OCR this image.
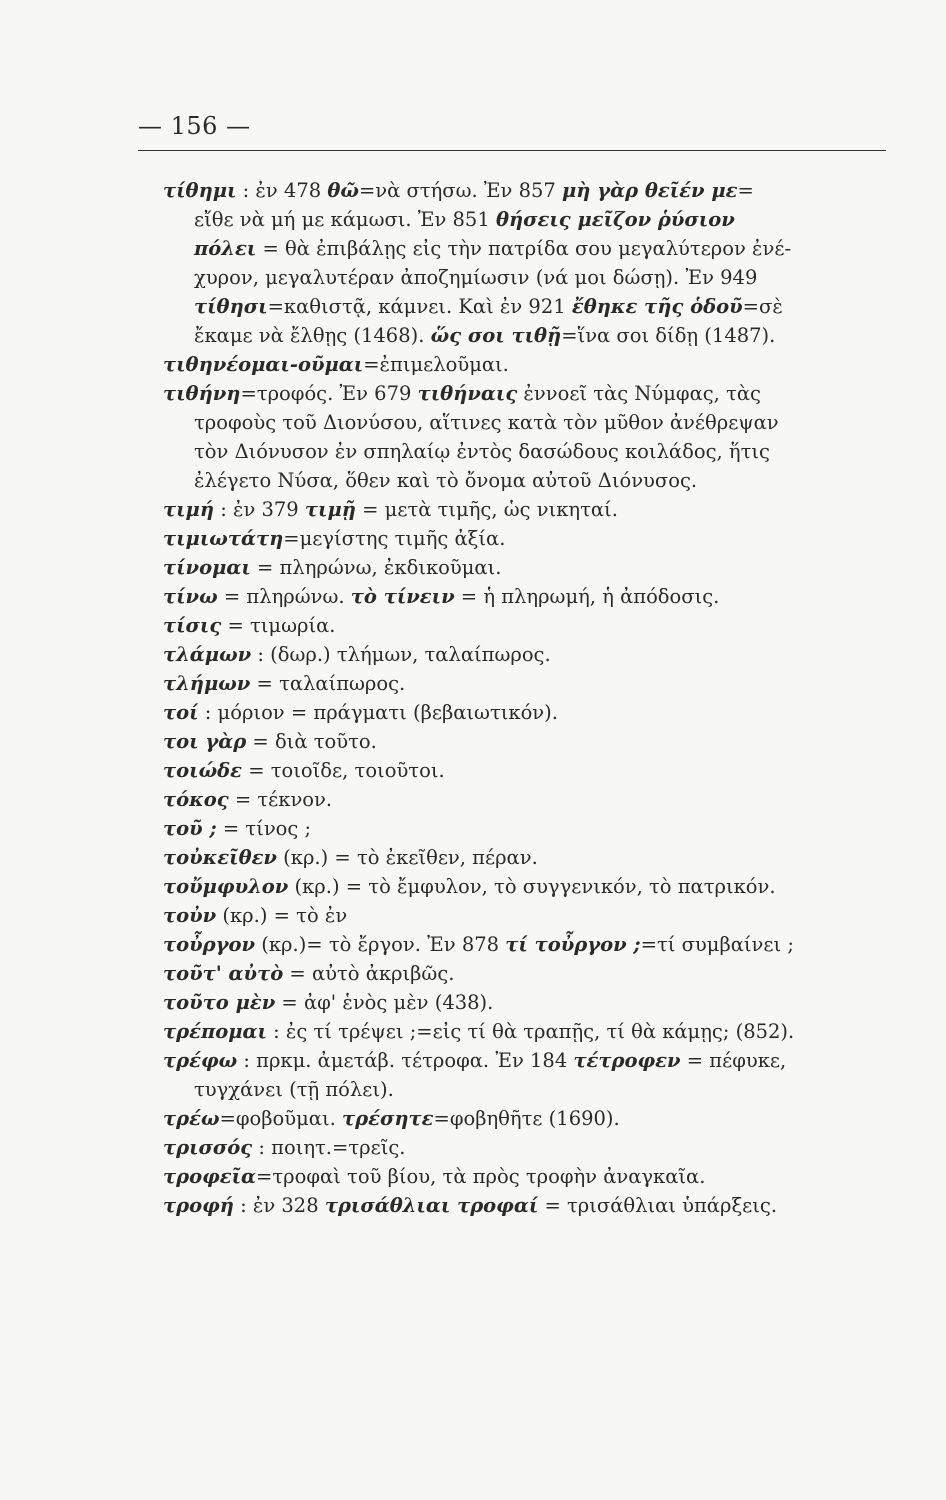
— 156 —
τίθημι : ἐν 478 θῶ=νὰ στήσω. Ἐν 857 μὴ γὰρ θεῖέν με=
εἴθε νὰ μή με κάμωσι. Ἐν 851 θήσεις μεῖζον ῥύσιον
πόλει = θὰ ἐπιβάλῃς εἰς τὴν πατρίδα σου μεγαλύτερον ἐνέ-
χυρον, μεγαλυτέραν ἀποζημίωσιν (νά μοι δώσῃ). Ἐν 949
τίθησι=καθιστᾷ, κάμνει. Καὶ ἐν 921 ἔθηκε τῆς ὁδοῦ=σὲ
ἔκαμε νὰ ἔλθῃς (1468). ὥς σοι τιθῇ=ἵνα σοι δίδῃ (1487).
τιθηνέομαι-οῦμαι=ἐπιμελοῦμαι.
τιθήνη=τροφός. Ἐν 679 τιθήναις ἐννοεῖ τὰς Νύμφας, τὰς
τροφοὺς τοῦ Διονύσου, αἵτινες κατὰ τὸν μῦθον ἀνέθρεψαν
τὸν Διόνυσον ἐν σπηλαίῳ ἐντὸς δασώδους κοιλάδος, ἥτις
ἐλέγετο Νύσα, ὅθεν καὶ τὸ ὄνομα αὐτοῦ Διόνυσος.
τιμή : ἐν 379 τιμῇ = μετὰ τιμῆς, ὡς νικηταί.
τιμιωτάτη=μεγίστης τιμῆς ἀξία.
τίνομαι = πληρώνω, ἐκδικοῦμαι.
τίνω = πληρώνω. τὸ τίνειν = ἡ πληρωμή, ἡ ἀπόδοσις.
τίσις = τιμωρία.
τλάμων : (δωρ.) τλήμων, ταλαίπωρος.
τλήμων = ταλαίπωρος.
τοί : μόριον = πράγματι (βεβαιωτικόν).
τοι γὰρ = διὰ τοῦτο.
τοιώδε = τοιοῖδε, τοιοῦτοι.
τόκος = τέκνον.
τοῦ ; = τίνος ;
τοὐκεῖθεν (κρ.) = τὸ ἐκεῖθεν, πέραν.
τοὔμφυλον (κρ.) = τὸ ἔμφυλον, τὸ συγγενικόν, τὸ πατρικόν.
τοὐν (κρ.) = τὸ ἐν
τοὖργον (κρ.)= τὸ ἔργον. Ἐν 878 τί τοὖργον ;=τί συμβαίνει ;
τοῦτ' αὐτὸ = αὐτὸ ἀκριβῶς.
τοῦτο μὲν = ἀφ' ἑνὸς μὲν (438).
τρέπομαι : ἐς τί τρέψει ;=εἰς τί θὰ τραπῇς, τί θὰ κάμῃς; (852).
τρέφω : πρκμ. ἀμετάβ. τέτροφα. Ἐν 184 τέτροφεν = πέφυκε,
τυγχάνει (τῇ πόλει).
τρέω=φοβοῦμαι. τρέσητε=φοβηθῆτε (1690).
τρισσός : ποιητ.=τρεῖς.
τροφεῖα=τροφαὶ τοῦ βίου, τὰ πρὸς τροφὴν ἀναγκαῖα.
τροφή : ἐν 328 τρισάθλιαι τροφαί = τρισάθλιαι ὑπάρξεις.
